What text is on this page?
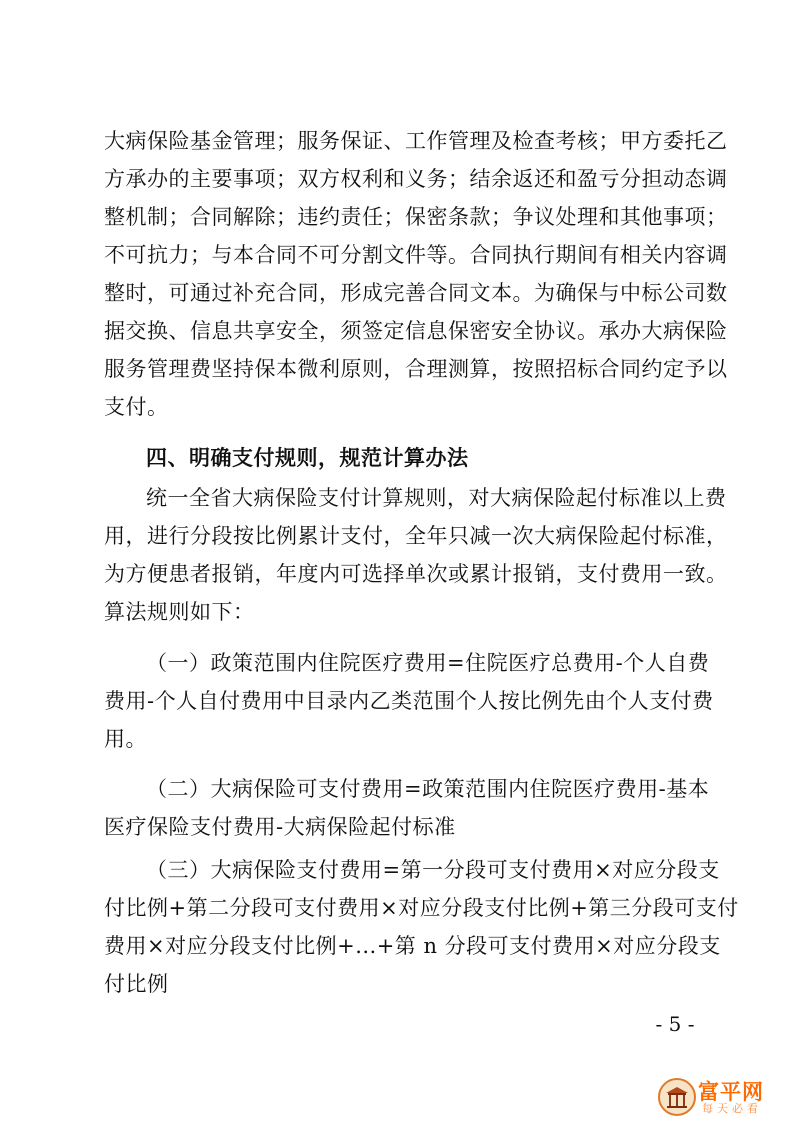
大病保险基金管理；服务保证、工作管理及检查考核；甲方委托乙
方承办的主要事项；双方权利和义务；结余返还和盈亏分担动态调
整机制；合同解除；违约责任；保密条款；争议处理和其他事项；
不可抗力；与本合同不可分割文件等。合同执行期间有相关内容调
整时，可通过补充合同，形成完善合同文本。为确保与中标公司数
据交换、信息共享安全，须签定信息保密安全协议。承办大病保险
服务管理费坚持保本微利原则，合理测算，按照招标合同约定予以
支付。
四、明确支付规则，规范计算办法
统一全省大病保险支付计算规则，对大病保险起付标准以上费
用，进行分段按比例累计支付，全年只减一次大病保险起付标准，
为方便患者报销，年度内可选择单次或累计报销，支付费用一致。
算法规则如下：
（一）政策范围内住院医疗费用=住院医疗总费用-个人自费
费用-个人自付费用中目录内乙类范围个人按比例先由个人支付费
用。
（二）大病保险可支付费用=政策范围内住院医疗费用-基本
医疗保险支付费用-大病保险起付标准
（三）大病保险支付费用=第一分段可支付费用×对应分段支
付比例+第二分段可支付费用×对应分段支付比例+第三分段可支付
费用×对应分段支付比例+...+第 n 分段可支付费用×对应分段支
付比例
- 5 -
富平网
每天必看
